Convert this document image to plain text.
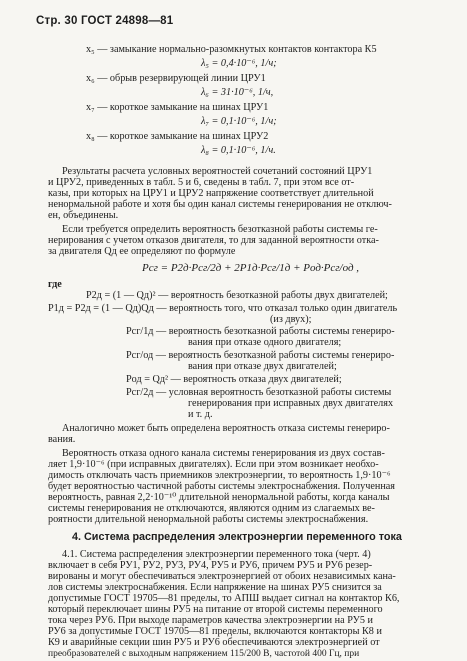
Стр. 30 ГОСТ 24898—81
x₅ — замыкание нормально-разомкнутых контактов контактора К5
λ₅ = 0,4·10⁻⁶, 1/ч;
x₆ — обрыв резервирующей линии ЦРУ1
λ₆ = 31·10⁻⁶, 1/ч,
x₇ — короткое замыкание на шинах ЦРУ1
λ₇ = 0,1·10⁻⁶, 1/ч;
x₈ — короткое замыкание на шинах ЦРУ2
λ₈ = 0,1·10⁻⁶, 1/ч.
Результаты расчета условных вероятностей сочетаний состояний ЦРУ1
и ЦРУ2, приведенных в табл. 5 и 6, сведены в табл. 7, при этом все от-
казы, при которых на ЦРУ1 и ЦРУ2 напряжение соответствует длительной
ненормальной работе и хотя бы один канал системы генерирования не отключ-
ен, объединены.
Если требуется определить вероятность безотказной работы системы ге-
нерирования с учетом отказов двигателя, то для заданной вероятности отка-
за двигателя Qд ее определяют по формуле
Pсг = P2д·Pсг/2д + 2P1д·Pсг/1д + Pод·Pсг/од ,
где
P2д = (1 — Qд)² — вероятность безотказной работы двух двигателей;
P1д = P2д = (1 — Qд)Qд — вероятность того, что отказал только один двигатель
(из двух);
Pсг/1д — вероятность безотказной работы системы генериро-
вания при отказе одного двигателя;
Pсг/од — вероятность безотказной работы системы генериро-
вания при отказе двух двигателей;
Pод = Qд² — вероятность отказа двух двигателей;
Pсг/2д — условная вероятность безотказной работы системы
генерирования при исправных двух двигателях
и т. д.
Аналогично может быть определена вероятность отказа системы генериро-
вания.
Вероятность отказа одного канала системы генерирования из двух состав-
ляет 1,9·10⁻⁶ (при исправных двигателях). Если при этом возникает необхо-
димость отключать часть приемников электроэнергии, то вероятность 1,9·10⁻⁶
будет вероятностью частичной работы системы электроснабжения. Полученная
вероятность, равная 2,2·10⁻¹⁰ длительной ненормальной работы, когда каналы
системы генерирования не отключаются, являются одним из слагаемых ве-
роятности длительной ненормальной работы системы электроснабжения.
4. Система распределения электроэнергии переменного тока
4.1. Система распределения электроэнергии переменного тока (черт. 4)
включает в себя РУ1, РУ2, РУ3, РУ4, РУ5 и РУ6, причем РУ5 и РУ6 резер-
вированы и могут обеспечиваться электроэнергией от обоих независимых кана-
лов системы электроснабжения. Если напряжение на шинах РУ5 снизится за
допустимые ГОСТ 19705—81 пределы, то АПШ выдает сигнал на контактор К6,
который переключает шины РУ5 на питание от второй системы переменного
тока через РУ6. При выходе параметров качества электроэнергии на РУ5 и
РУ6 за допустимые ГОСТ 19705—81 пределы, включаются контакторы К8 и
К9 и аварийные секции шин РУ5 и РУ6 обеспечиваются электроэнергией от
преобразователей с выходным напряжением 115/200 В, частотой 400 Гц, при
